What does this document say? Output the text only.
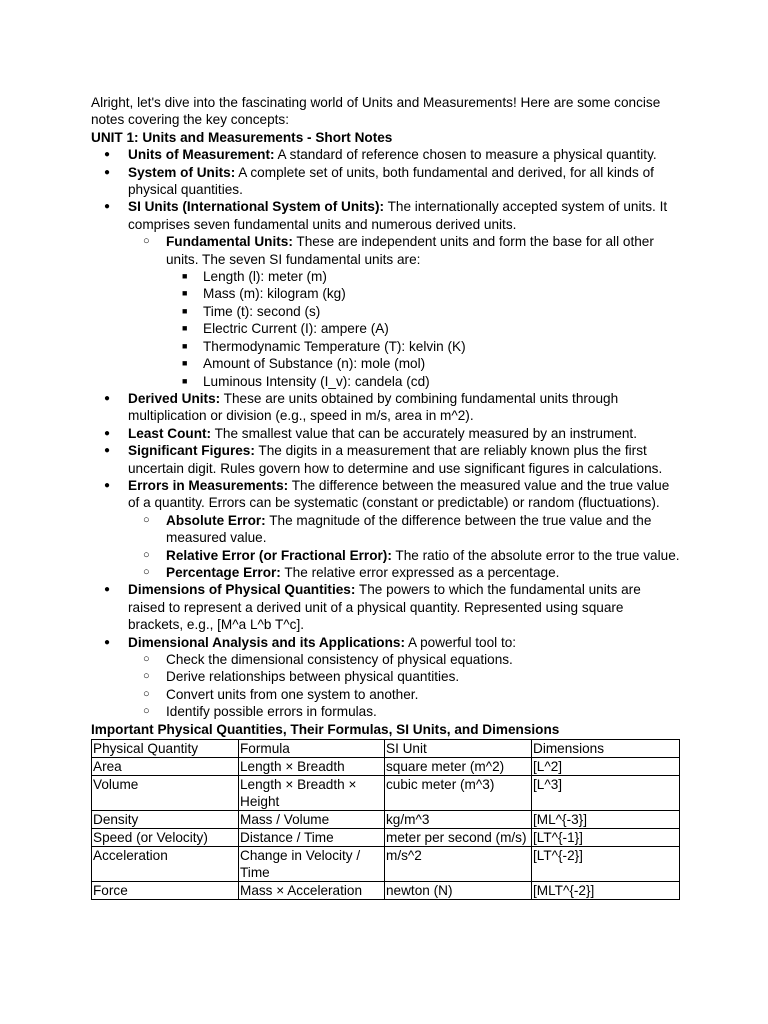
Alright, let's dive into the fascinating world of Units and Measurements! Here are some concise notes covering the key concepts:

UNIT 1: Units and Measurements - Short Notes

● Units of Measurement: A standard of reference chosen to measure a physical quantity.
● System of Units: A complete set of units, both fundamental and derived, for all kinds of physical quantities.
● SI Units (International System of Units): The internationally accepted system of units. It comprises seven fundamental units and numerous derived units.
○ Fundamental Units: These are independent units and form the base for all other units. The seven SI fundamental units are:
■ Length (l): meter (m)
■ Mass (m): kilogram (kg)
■ Time (t): second (s)
■ Electric Current (I): ampere (A)
■ Thermodynamic Temperature (T): kelvin (K)
■ Amount of Substance (n): mole (mol)
■ Luminous Intensity (I_v): candela (cd)
● Derived Units: These are units obtained by combining fundamental units through multiplication or division (e.g., speed in m/s, area in m^2).
● Least Count: The smallest value that can be accurately measured by an instrument.
● Significant Figures: The digits in a measurement that are reliably known plus the first uncertain digit. Rules govern how to determine and use significant figures in calculations.
● Errors in Measurements: The difference between the measured value and the true value of a quantity. Errors can be systematic (constant or predictable) or random (fluctuations).
○ Absolute Error: The magnitude of the difference between the true value and the measured value.
○ Relative Error (or Fractional Error): The ratio of the absolute error to the true value.
○ Percentage Error: The relative error expressed as a percentage.
● Dimensions of Physical Quantities: The powers to which the fundamental units are raised to represent a derived unit of a physical quantity. Represented using square brackets, e.g., [M^a L^b T^c].
● Dimensional Analysis and its Applications: A powerful tool to:
○ Check the dimensional consistency of physical equations.
○ Derive relationships between physical quantities.
○ Convert units from one system to another.
○ Identify possible errors in formulas.

Important Physical Quantities, Their Formulas, SI Units, and Dimensions

Physical Quantity	Formula	SI Unit	Dimensions
Area	Length × Breadth	square meter (m^2)	[L^2]
Volume	Length × Breadth × Height	cubic meter (m^3)	[L^3]
Density	Mass / Volume	kg/m^3	[ML^{-3}]
Speed (or Velocity)	Distance / Time	meter per second (m/s)	[LT^{-1}]
Acceleration	Change in Velocity / Time	m/s^2	[LT^{-2}]
Force	Mass × Acceleration	newton (N)	[MLT^{-2}]
